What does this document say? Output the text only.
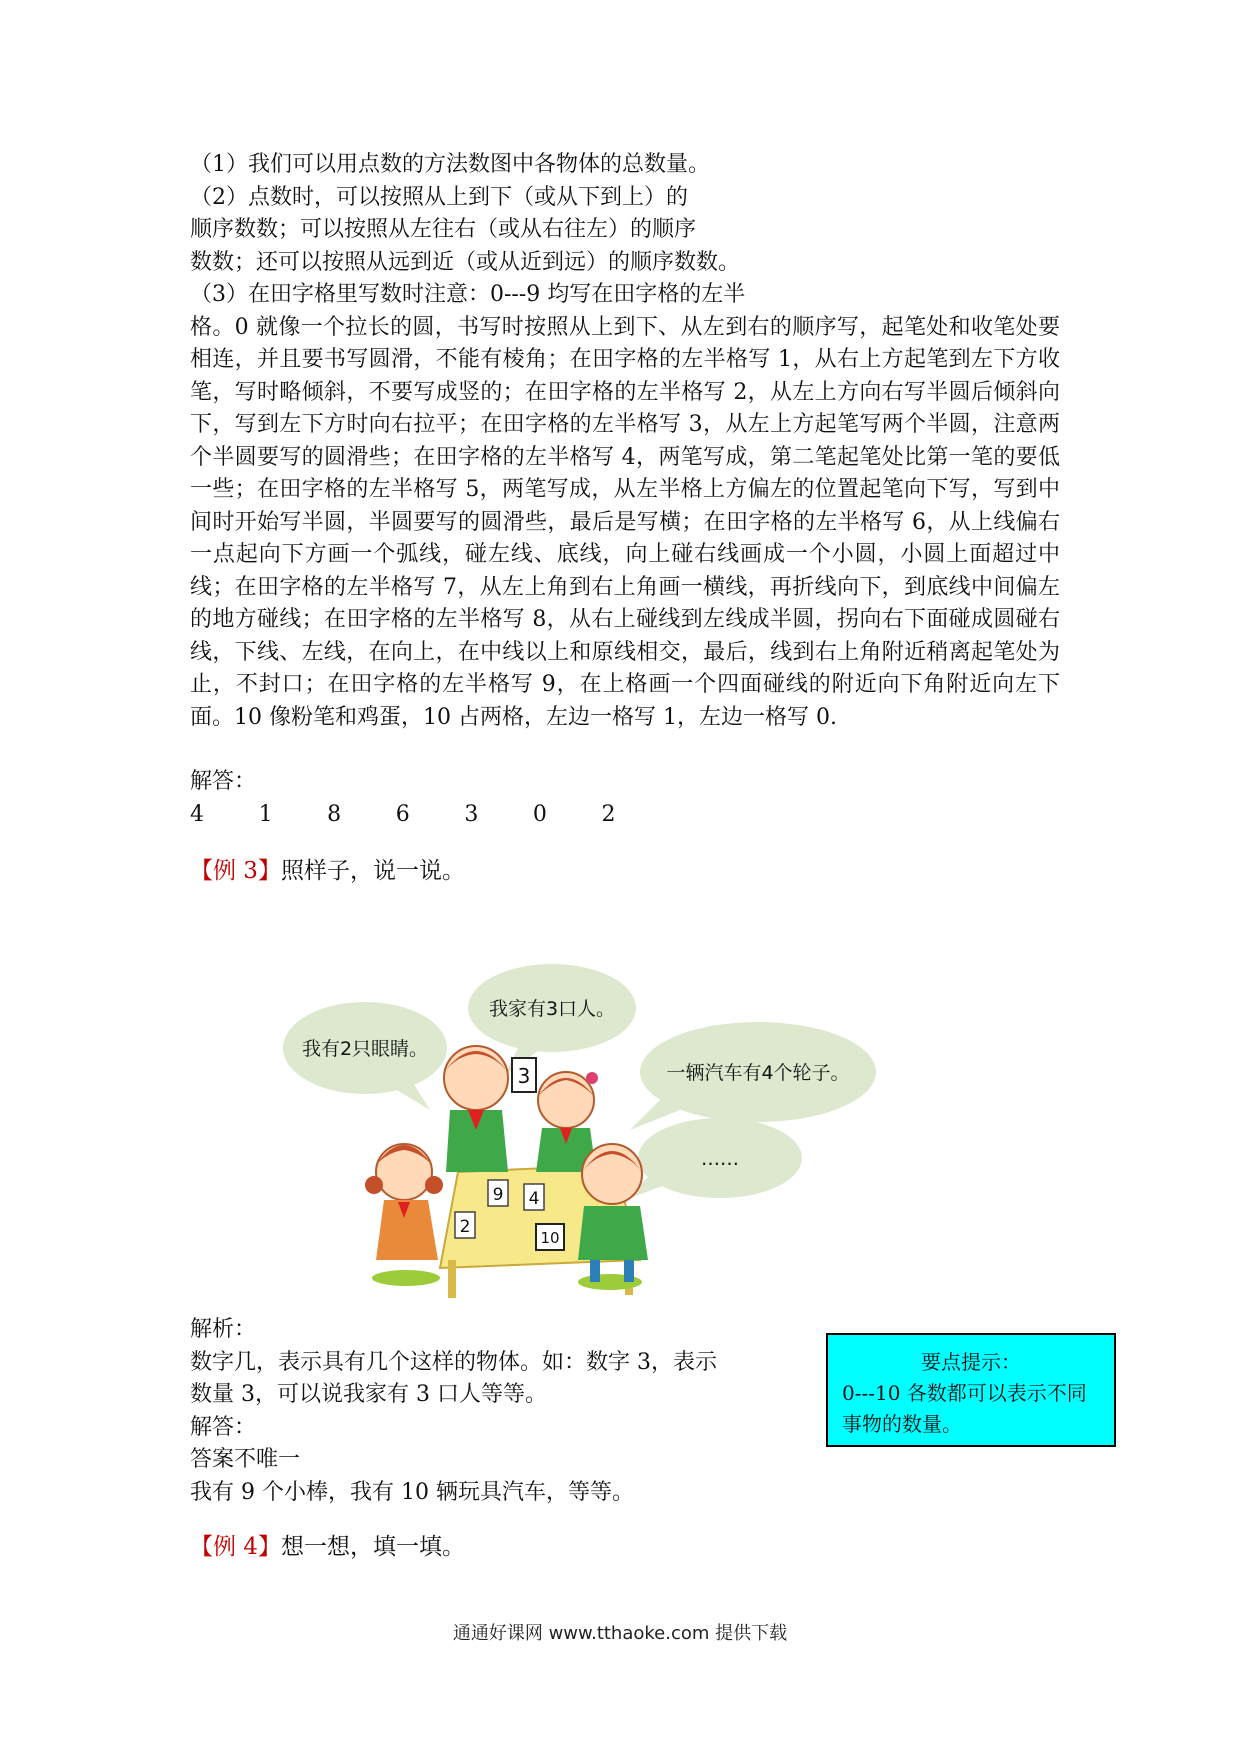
（1）我们可以用点数的方法数图中各物体的总数量。

（2）点数时，可以按照从上到下（或从下到上）的

顺序数数；可以按照从左往右（或从右往左）的顺序

数数；还可以按照从远到近（或从近到远）的顺序数数。

（3）在田字格里写数时注意：0---9 均写在田字格的左半

格。0 就像一个拉长的圆，书写时按照从上到下、从左到右的顺序写，起笔处和收笔处要相连，并且要书写圆滑，不能有棱角；在田字格的左半格写 1，从右上方起笔到左下方收笔，写时略倾斜，不要写成竖的；在田字格的左半格写 2，从左上方向右写半圆后倾斜向下，写到左下方时向右拉平；在田字格的左半格写 3，从左上方起笔写两个半圆，注意两个半圆要写的圆滑些；在田字格的左半格写 4，两笔写成，第二笔起笔处比第一笔的要低一些；在田字格的左半格写 5，两笔写成，从左半格上方偏左的位置起笔向下写，写到中间时开始写半圆，半圆要写的圆滑些，最后是写横；在田字格的左半格写 6，从上线偏右一点起向下方画一个弧线，碰左线、底线，向上碰右线画成一个小圆，小圆上面超过中线；在田字格的左半格写 7，从左上角到右上角画一横线，再折线向下，到底线中间偏左的地方碰线；在田字格的左半格写 8，从右上碰线到左线成半圆，拐向右下面碰成圆碰右线，下线、左线，在向上，在中线以上和原线相交，最后，线到右上角附近稍离起笔处为止，不封口；在田字格的左半格写 9，在上格画一个四面碰线的附近向下角附近向左下面。10 像粉笔和鸡蛋，10 占两格，左边一格写 1，左边一格写 0.

解答：

4	1	8	6	3	0	2

【例 3】照样子，说一说。

我有2只眼睛。
我家有3口人。
一辆汽车有4个轮子。
……
9 4
2
10
3

解析：

数字几，表示具有几个这样的物体。如：数字 3，表示

数量 3，可以说我家有 3 口人等等。

解答：

答案不唯一

我有 9 个小棒，我有 10 辆玩具汽车，等等。

【例 4】想一想，填一填。

要点提示：
0---10 各数都可以表示不同事物的数量。
通通好课网 www.tthaoke.com 提供下载
